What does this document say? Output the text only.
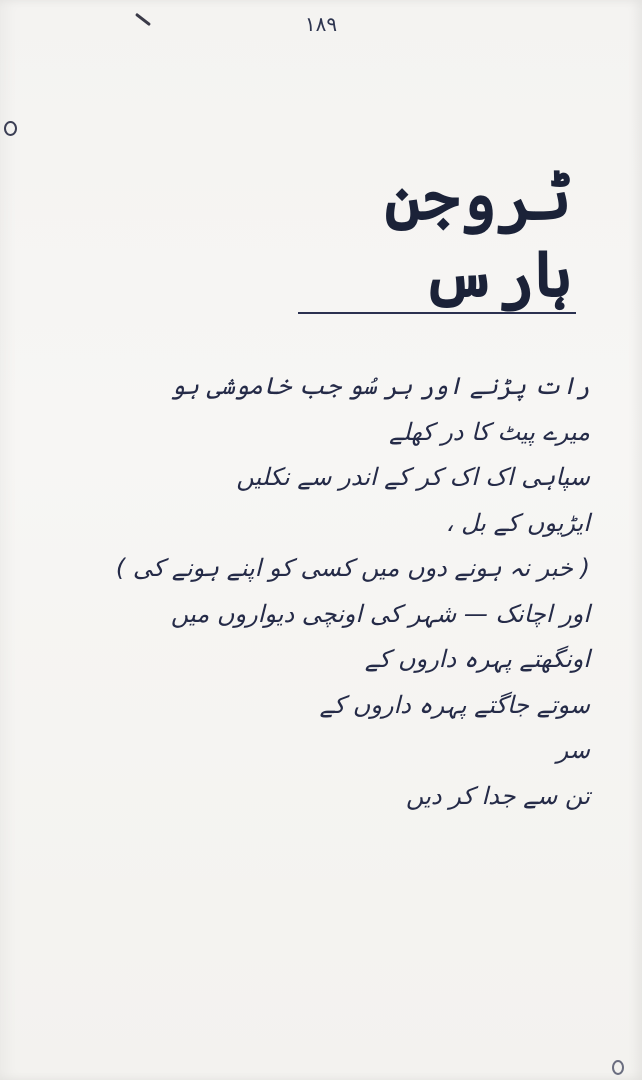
۱۸۹
ٹروجن ہارس
رات پڑنے اور ہر سُو جب خاموشی ہو
میرے پیٹ کا در کھلے
سپاہی اک اک کر کے اندر سے نکلیں
ایڑیوں کے بل ،
( خبر نہ ہونے دوں میں کسی کو اپنے ہونے کی )
اور اچانک — شہر کی اونچی دیواروں میں
اونگھتے پہرہ داروں کے
سوتے جاگتے پہرہ داروں کے
سر
تن سے جدا کر دیں
